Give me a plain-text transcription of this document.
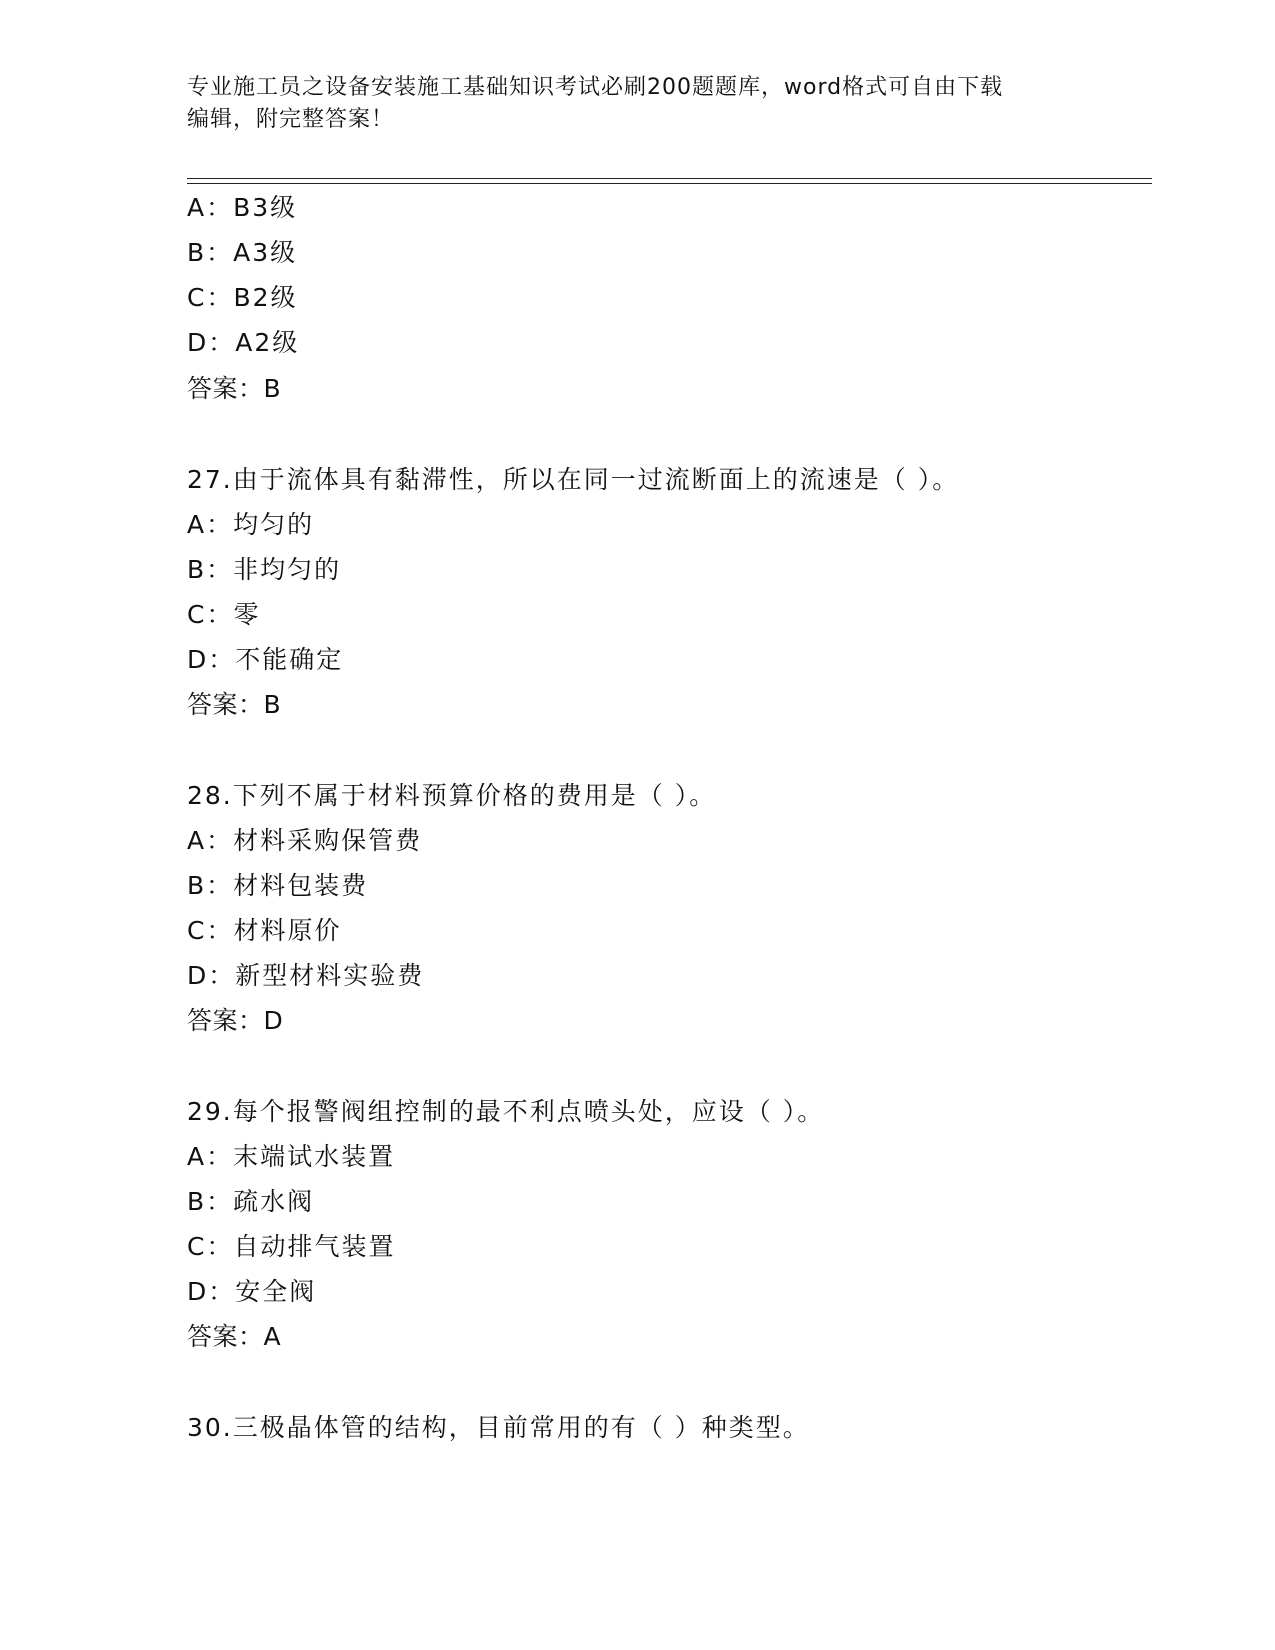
专业施工员之设备安装施工基础知识考试必刷200题题库，word格式可自由下载
编辑，附完整答案！
A：B3级
B：A3级
C：B2级
D：A2级
答案：B
27.由于流体具有黏滞性，所以在同一过流断面上的流速是（ ）。
A：均匀的
B：非均匀的
C：零
D：不能确定
答案：B
28.下列不属于材料预算价格的费用是（ ）。
A：材料采购保管费
B：材料包装费
C：材料原价
D：新型材料实验费
答案：D
29.每个报警阀组控制的最不利点喷头处，应设（ ）。
A：末端试水装置
B：疏水阀
C：自动排气装置
D：安全阀
答案：A
30.三极晶体管的结构，目前常用的有（ ）种类型。
